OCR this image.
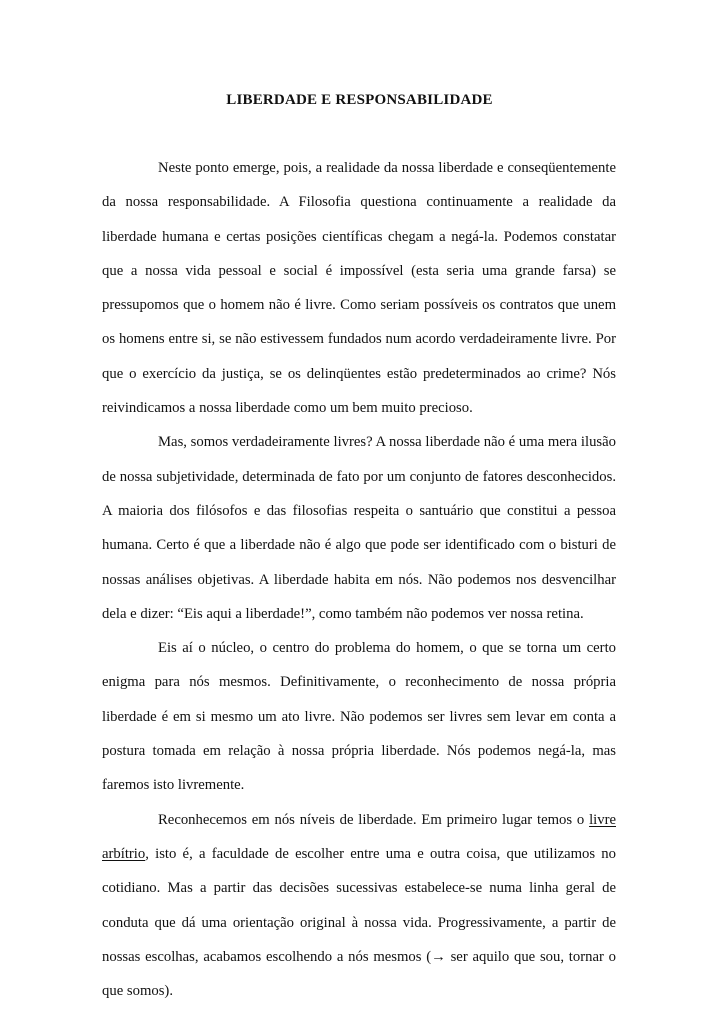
LIBERDADE E RESPONSABILIDADE

Neste ponto emerge, pois, a realidade da nossa liberdade e conseqüentemente da nossa responsabilidade. A Filosofia questiona continuamente a realidade da liberdade humana e certas posições científicas chegam a negá-la. Podemos constatar que a nossa vida pessoal e social é impossível (esta seria uma grande farsa) se pressupomos que o homem não é livre. Como seriam possíveis os contratos que unem os homens entre si, se não estivessem fundados num acordo verdadeiramente livre. Por que o exercício da justiça, se os delinqüentes estão predeterminados ao crime? Nós reivindicamos a nossa liberdade como um bem muito precioso.

Mas, somos verdadeiramente livres? A nossa liberdade não é uma mera ilusão de nossa subjetividade, determinada de fato por um conjunto de fatores desconhecidos. A maioria dos filósofos e das filosofias respeita o santuário que constitui a pessoa humana. Certo é que a liberdade não é algo que pode ser identificado com o bisturi de nossas análises objetivas. A liberdade habita em nós. Não podemos nos desvencilhar dela e dizer: “Eis aqui a liberdade!”, como também não podemos ver nossa retina.

Eis aí o núcleo, o centro do problema do homem, o que se torna um certo enigma para nós mesmos. Definitivamente, o reconhecimento de nossa própria liberdade é em si mesmo um ato livre. Não podemos ser livres sem levar em conta a postura tomada em relação à nossa própria liberdade. Nós podemos negá-la, mas faremos isto livremente.

Reconhecemos em nós níveis de liberdade. Em primeiro lugar temos o livre arbítrio, isto é, a faculdade de escolher entre uma e outra coisa, que utilizamos no cotidiano. Mas a partir das decisões sucessivas estabelece-se numa linha geral de conduta que dá uma orientação original à nossa vida. Progressivamente, a partir de nossas escolhas, acabamos escolhendo a nós mesmos (→ ser aquilo que sou, tornar o que somos).
